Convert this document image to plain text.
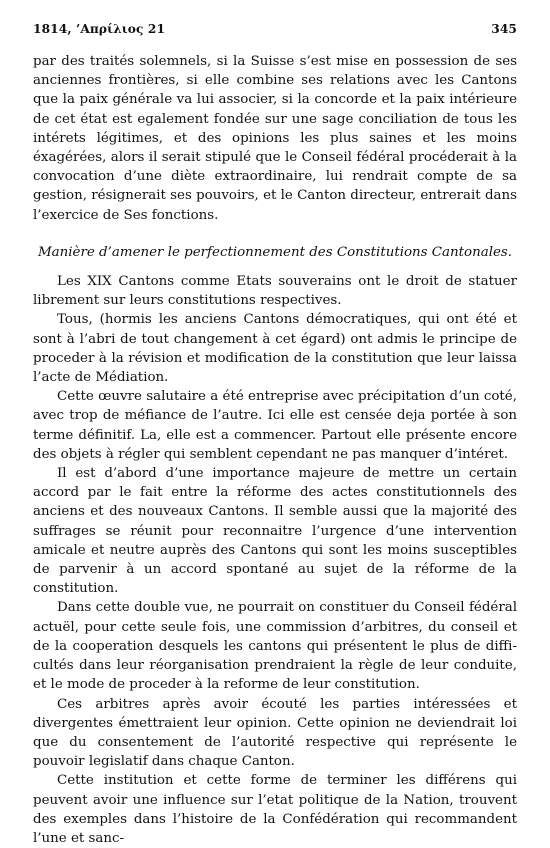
1814, ’Απρίλιος 21	345

par des traités solemnels, si la Suisse s’est mise en possession de ses anciennes frontières, si elle combine ses relations avec les Cantons que la paix générale va lui associer, si la concorde et la paix intérieure de cet état est egalement fondée sur une sage conciliation de tous les intérets légitimes, et des opinions les plus saines et les moins éxagérées, alors il serait stipulé que le Conseil fédéral procéderait à la convocation d’une diète extraordinaire, lui rendrait compte de sa gestion, résignerait ses pouvoirs, et le Canton directeur, entrerait dans l’exercice de Ses fonctions.

Manière d’amener le perfectionnement des Constitutions Cantonales.

Les XIX Cantons comme Etats souverains ont le droit de statuer librement sur leurs constitutions respectives.

Tous, (hormis les anciens Cantons démocratiques, qui ont été et sont à l’abri de tout changement à cet égard) ont admis le principe de proceder à la révision et modification de la constitution que leur laissa l’acte de Médiation.

Cette œuvre salutaire a été entreprise avec précipitation d’un coté, avec trop de méfiance de l’autre. Ici elle est censée deja portée à son terme définitif. La, elle est a commencer. Partout elle présente encore des objets à régler qui semblent cependant ne pas manquer d’intéret.

Il est d’abord d’une importance majeure de mettre un certain accord par le fait entre la réforme des actes constitutionnels des anciens et des nouveaux Cantons. Il semble aussi que la majorité des suffrages se réunit pour reconnaitre l’urgence d’une intervention amicale et neutre auprès des Cantons qui sont les moins susceptibles de parvenir à un accord spontané au sujet de la réforme de la constitution.

Dans cette double vue, ne pourrait on constituer du Conseil fédéral actuël, pour cette seule fois, une commission d’arbitres, du conseil et de la cooperation desquels les cantons qui présentent le plus de difficultés dans leur réorganisation prendraient la règle de leur conduite, et le mode de proceder à la reforme de leur constitution.

Ces arbitres après avoir écouté les parties intéressées et divergentes émettraient leur opinion. Cette opinion ne deviendrait loi que du consentement de l’autorité respective qui représente le pouvoir legislatif dans chaque Canton.

Cette institution et cette forme de terminer les différens qui peuvent avoir une influence sur l’etat politique de la Nation, trouvent des exemples dans l’histoire de la Confédération qui recommandent l’une et sanc-
